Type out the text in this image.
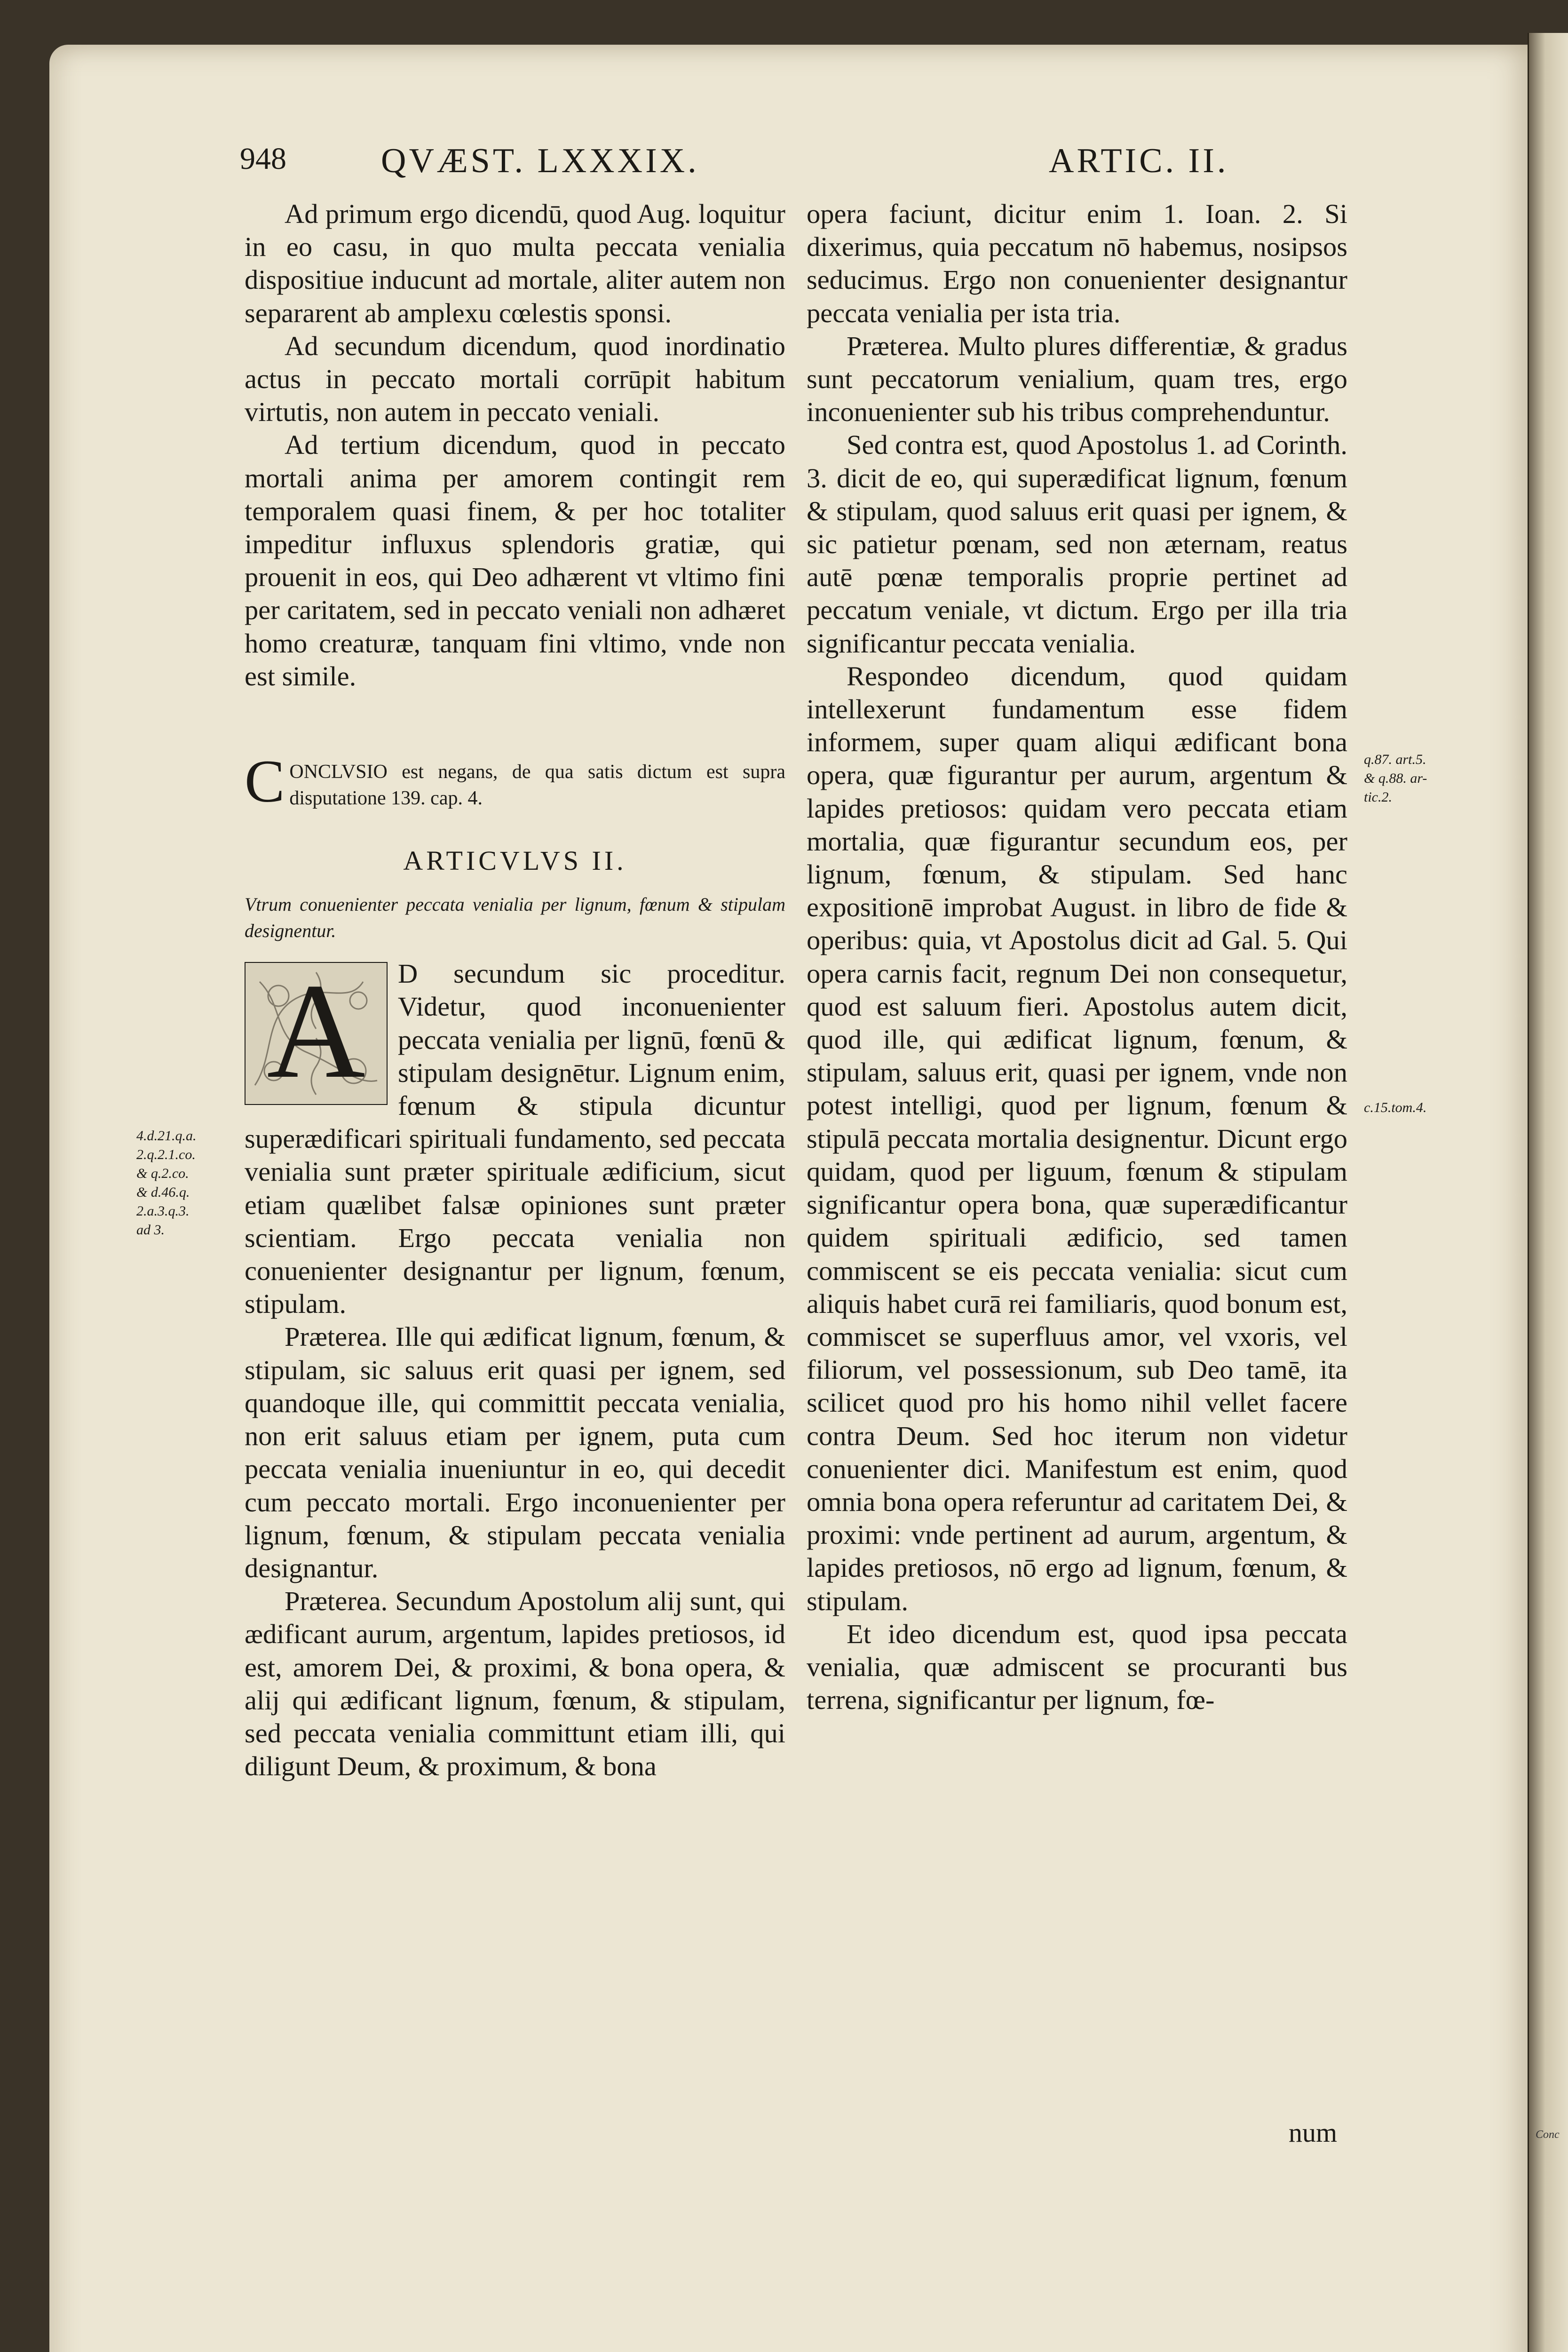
Conc
948	QVÆST. LXXXIX.	ARTIC. II.

Ad primum ergo dicendū, quod Aug. loquitur in eo casu, in quo multa peccata venialia dispositiue inducunt ad mortale, aliter autem non separarent ab amplexu cœlestis sponsi.

Ad secundum dicendum, quod inordinatio actus in peccato mortali corrūpit habitum virtutis, non autem in peccato veniali.

Ad tertium dicendum, quod in peccato mortali anima per amorem contingit rem temporalem quasi finem, & per hoc totaliter impeditur influxus splendoris gratiæ, qui prouenit in eos, qui Deo adhærent vt vltimo fini per caritatem, sed in peccato veniali non adhæret homo creaturæ, tanquam fini vltimo, vnde non est simile.

CONCLVSIO est negans, de qua satis dictum est supra disputatione 139. cap. 4.

ARTICVLVS II.

Vtrum conuenienter peccata venialia per lignum, fœnum & stipulam designentur.

A	D secundum sic proceditur. Videtur, quod inconuenienter peccata venialia per lignū, fœnū & stipulam designētur. Lignum enim, fœnum & stipula dicuntur superædificari spirituali fundamento, sed peccata venialia sunt præter spirituale ædificium, sicut etiam quælibet falsæ opiniones sunt præter scientiam. Ergo peccata venialia non conuenienter designantur per lignum, fœnum, stipulam.

Præterea. Ille qui ædificat lignum, fœnum, & stipulam, sic saluus erit quasi per ignem, sed quandoque ille, qui committit peccata venialia, non erit saluus etiam per ignem, puta cum peccata venialia inueniuntur in eo, qui decedit cum peccato mortali. Ergo inconuenienter per lignum, fœnum, & stipulam peccata venialia designantur.

Præterea. Secundum Apostolum alij sunt, qui ædificant aurum, argentum, lapides pretiosos, id est, amorem Dei, & proximi, & bona opera, & alij qui ædificant lignum, fœnum, & stipulam, sed peccata venialia committunt etiam illi, qui diligunt Deum, & proximum, & bona

opera faciunt, dicitur enim 1. Ioan. 2. Si dixerimus, quia peccatum nō habemus, nosipsos seducimus. Ergo non conuenienter designantur peccata venialia per ista tria.

Præterea. Multo plures differentiæ, & gradus sunt peccatorum venialium, quam tres, ergo inconuenienter sub his tribus comprehenduntur.

Sed contra est, quod Apostolus 1. ad Corinth. 3. dicit de eo, qui superædificat lignum, fœnum & stipulam, quod saluus erit quasi per ignem, & sic patietur pœnam, sed non æternam, reatus autē pœnæ temporalis proprie pertinet ad peccatum veniale, vt dictum. Ergo per illa tria significantur peccata venialia.

Respondeo dicendum, quod quidam intellexerunt fundamentum esse fidem informem, super quam aliqui ædificant bona opera, quæ figurantur per aurum, argentum & lapides pretiosos: quidam vero peccata etiam mortalia, quæ figurantur secundum eos, per lignum, fœnum, & stipulam. Sed hanc expositionē improbat August. in libro de fide & operibus: quia, vt Apostolus dicit ad Gal. 5. Qui opera carnis facit, regnum Dei non consequetur, quod est saluum fieri. Apostolus autem dicit, quod ille, qui ædificat lignum, fœnum, & stipulam, saluus erit, quasi per ignem, vnde non potest intelligi, quod per lignum, fœnum & stipulā peccata mortalia designentur. Dicunt ergo quidam, quod per liguum, fœnum & stipulam significantur opera bona, quæ superædificantur quidem spirituali ædificio, sed tamen commiscent se eis peccata venialia: sicut cum aliquis habet curā rei familiaris, quod bonum est, commiscet se superfluus amor, vel vxoris, vel filiorum, vel possessionum, sub Deo tamē, ita scilicet quod pro his homo nihil vellet facere contra Deum. Sed hoc iterum non videtur conuenienter dici. Manifestum est enim, quod omnia bona opera referuntur ad caritatem Dei, & proximi: vnde pertinent ad aurum, argentum, & lapides pretiosos, nō ergo ad lignum, fœnum, & stipulam.

Et ideo dicendum est, quod ipsa peccata venialia, quæ admiscent se procuranti bus terrena, significantur per lignum, fœ-

num
4.d.21.q.a.
2.q.2.1.co.
& q.2.co.
& d.46.q.
2.a.3.q.3.
ad 3.
q.87. art.5.
& q.88. ar-
tic.2.
c.15.tom.4.
